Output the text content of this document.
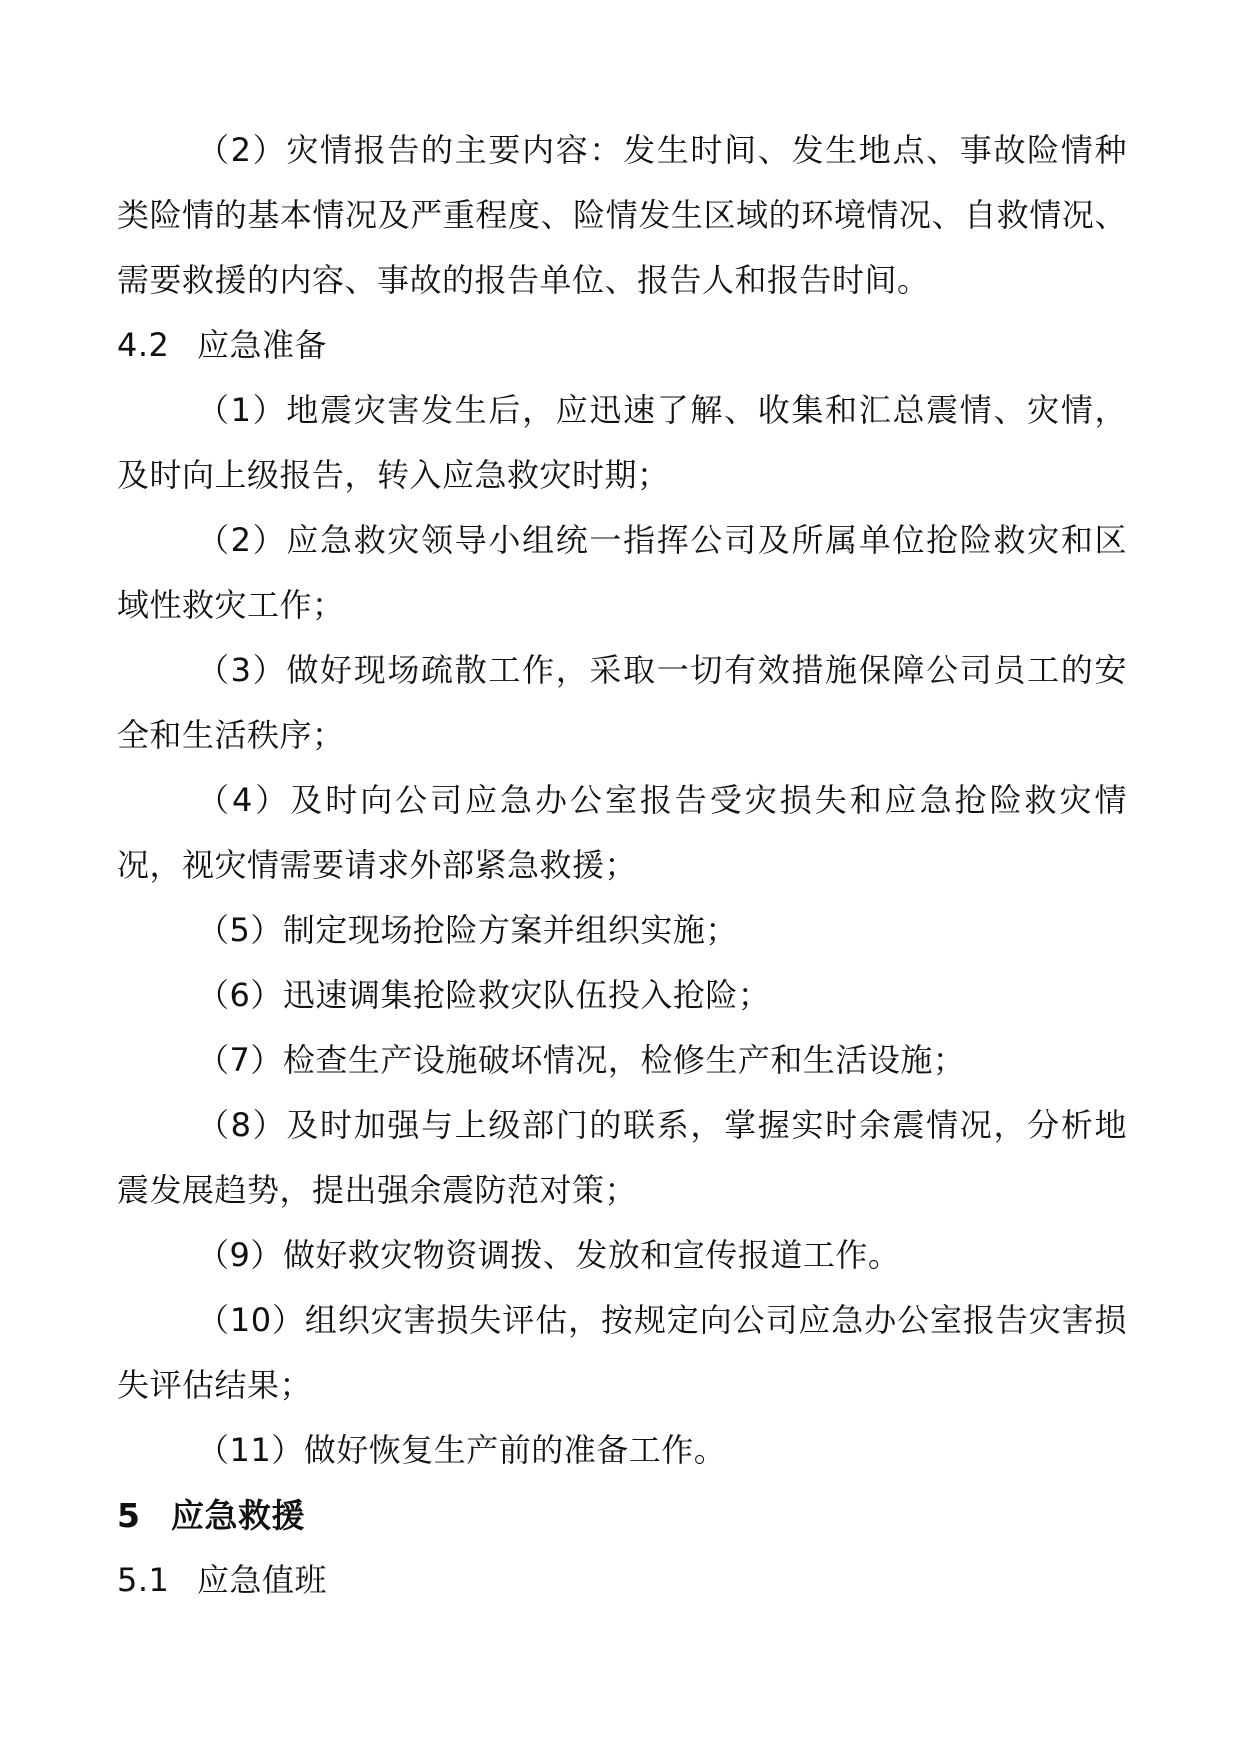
（2）灾情报告的主要内容：发生时间、发生地点、事故险情种类险情的基本情况及严重程度、险情发生区域的环境情况、自救情况、需要救援的内容、事故的报告单位、报告人和报告时间。

4.2 应急准备

（1）地震灾害发生后，应迅速了解、收集和汇总震情、灾情，及时向上级报告，转入应急救灾时期；

（2）应急救灾领导小组统一指挥公司及所属单位抢险救灾和区域性救灾工作；

（3）做好现场疏散工作，采取一切有效措施保障公司员工的安全和生活秩序；

（4）及时向公司应急办公室报告受灾损失和应急抢险救灾情况，视灾情需要请求外部紧急救援；

（5）制定现场抢险方案并组织实施；

（6）迅速调集抢险救灾队伍投入抢险；

（7）检查生产设施破坏情况，检修生产和生活设施；

（8）及时加强与上级部门的联系，掌握实时余震情况，分析地震发展趋势，提出强余震防范对策；

（9）做好救灾物资调拨、发放和宣传报道工作。

（10）组织灾害损失评估，按规定向公司应急办公室报告灾害损失评估结果；

（11）做好恢复生产前的准备工作。

5 应急救援

5.1 应急值班
